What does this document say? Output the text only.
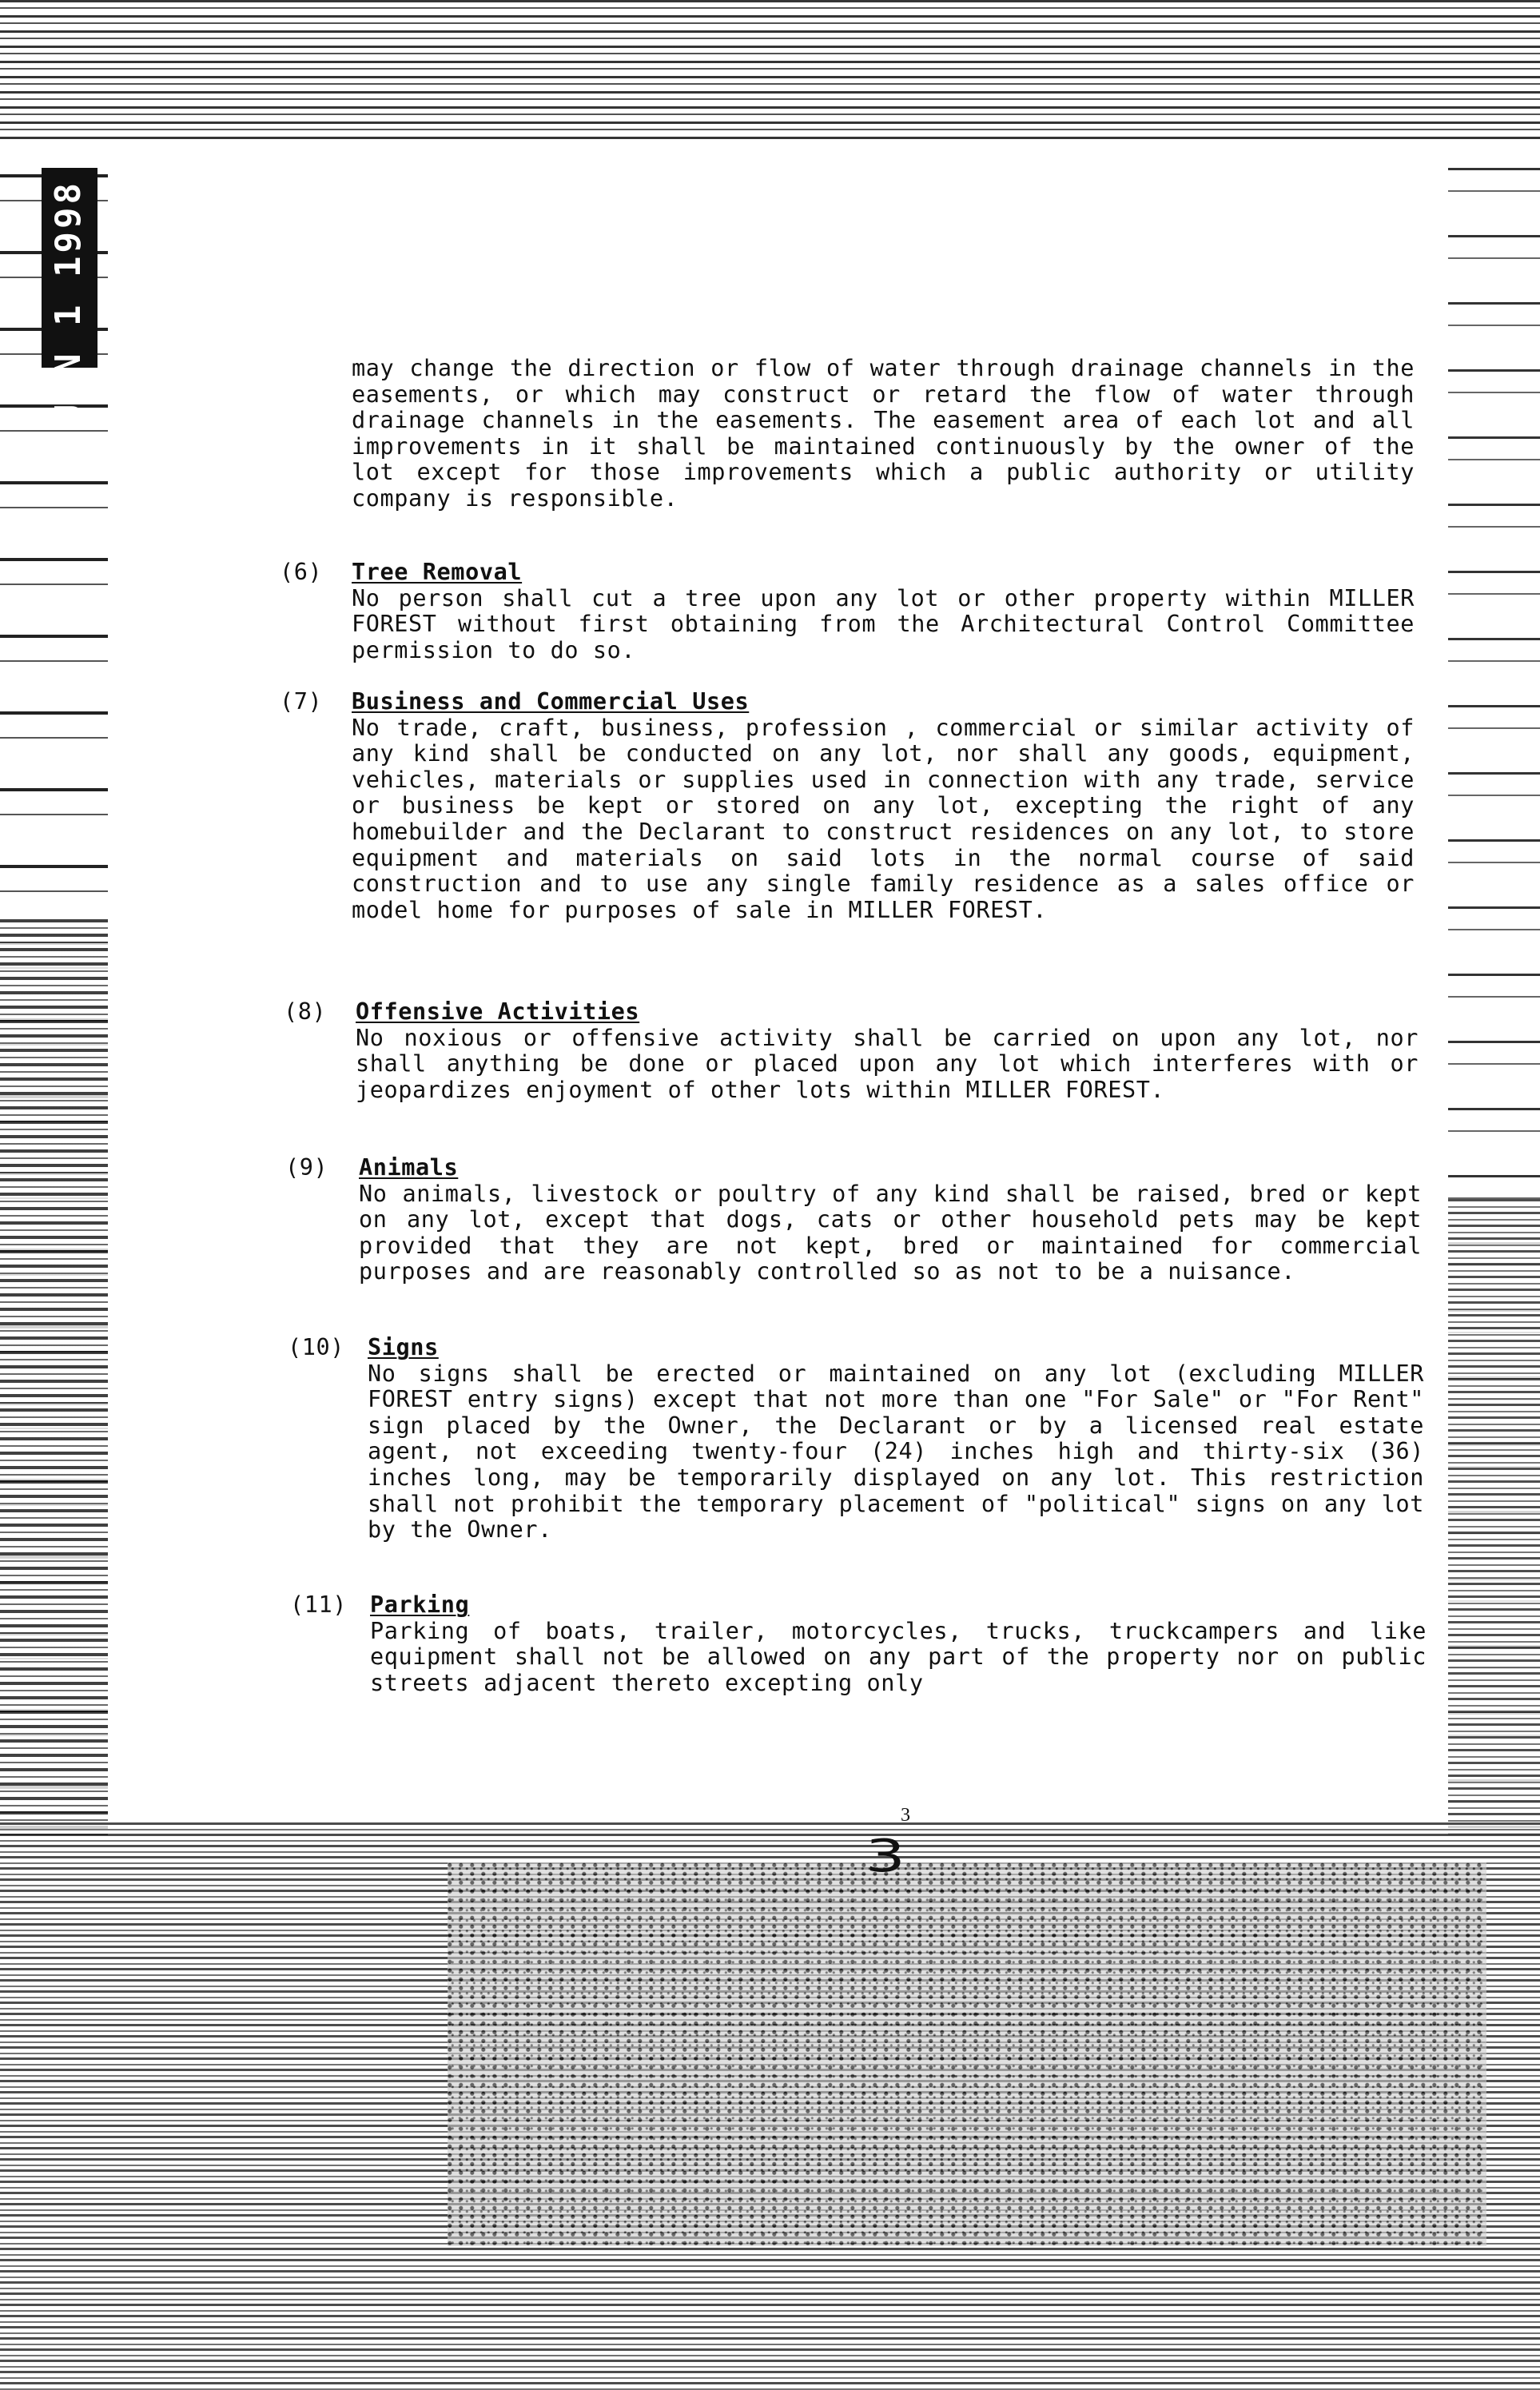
JUN 1 1998	may change the direction or flow of water through drainage channels in the easements, or which may construct or retard the flow of water through drainage channels in the easements. The easement area of each lot and all improvements in it shall be maintained continuously by the owner of the lot except for those improvements which a public authority or utility company is responsible.

(6) Tree Removal

No person shall cut a tree upon any lot or other property within MILLER FOREST without first obtaining from the Architectural Control Committee permission to do so.

(7) Business and Commercial Uses

No trade, craft, business, profession , commercial or similar activity of any kind shall be conducted on any lot, nor shall any goods, equipment, vehicles, materials or supplies used in connection with any trade, service or business be kept or stored on any lot, excepting the right of any homebuilder and the Declarant to construct residences on any lot, to store equipment and materials on said lots in the normal course of said construction and to use any single family residence as a sales office or model home for purposes of sale in MILLER FOREST.

(8) Offensive Activities

No noxious or offensive activity shall be carried on upon any lot, nor shall anything be done or placed upon any lot which interferes with or jeopardizes enjoyment of other lots within MILLER FOREST.

(9) Animals

No animals, livestock or poultry of any kind shall be raised, bred or kept on any lot, except that dogs, cats or other household pets may be kept provided that they are not kept, bred or maintained for commercial purposes and are reasonably controlled so as not to be a nuisance.

(10) Signs

No signs shall be erected or maintained on any lot (excluding MILLER FOREST entry signs) except that not more than one "For Sale" or "For Rent" sign placed by the Owner, the Declarant or by a licensed real estate agent, not exceeding twenty-four (24) inches high and thirty-six (36) inches long, may be temporarily displayed on any lot. This restriction shall not prohibit the temporary placement of "political" signs on any lot by the Owner.

(11) Parking

Parking of boats, trailer, motorcycles, trucks, truckcampers and like equipment shall not be allowed on any part of the property nor on public streets adjacent thereto excepting only

3
3
